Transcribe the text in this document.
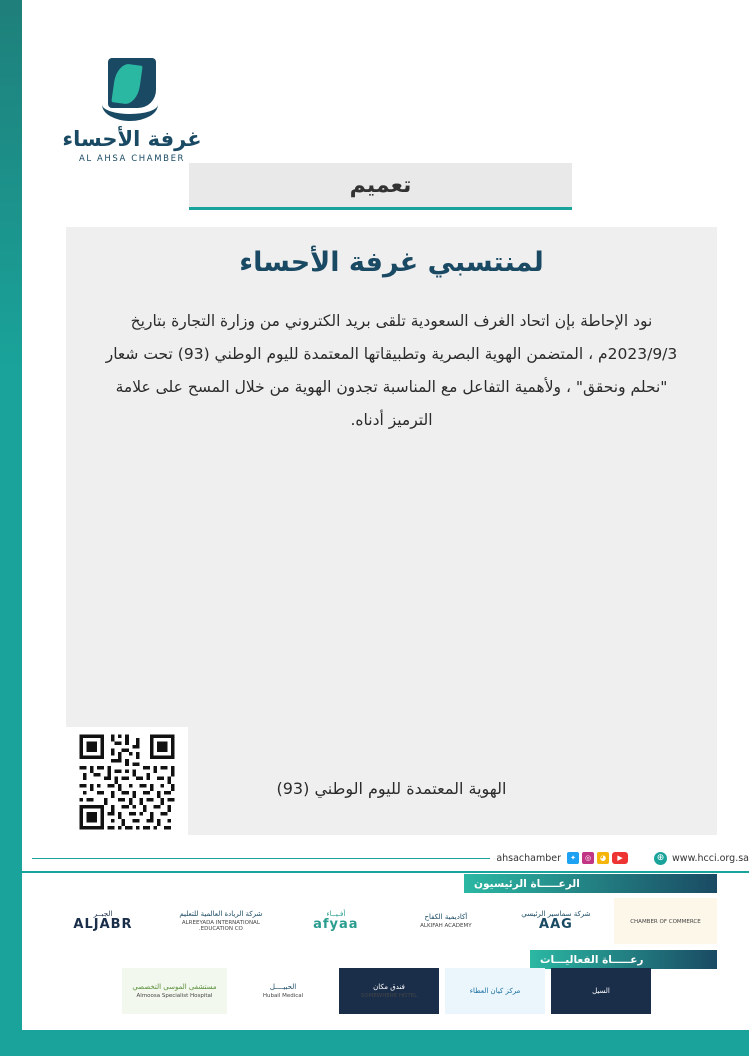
غرفة الأحساء
AL AHSA CHAMBER
تعميم
لمنتسبي غرفة الأحساء
نود الإحاطة بإن اتحاد الغرف السعودية تلقى بريد الكتروني من وزارة التجارة بتاريخ 2023/9/3م ، المتضمن الهوية البصرية وتطبيقاتها المعتمدة لليوم الوطني (93) تحت شعار "نحلم ونحقق" ، ولأهمية التفاعل مع المناسبة تجدون الهوية من خلال المسح على علامة الترميز أدناه.
الهوية المعتمدة لليوم الوطني (93)
⊕ www.hcci.org.sa
▶
◕
◎
✦
ahsachamber
الرعـــــاة الرئيسيون
CHAMBER OF COMMERCE
شركة سماسير الرئيسي
AAG
أكاديمية الكفاح
ALKIFAH ACADEMY
أفـيــاء
afyaa
شركة الريادة العالمية للتعليم
ALREEYADA INTERNATIONAL EDUCATION CO.
الجبــر
ALJABR
رعـــــاة الفعاليـــات
السيل
مركز كيان العطاء
فندق مكان
SOMEWHERE HOTEL
الحبيــــل
Hubail Medical
مستشفى الموسى التخصصي
Almoosa Specialist Hospital
